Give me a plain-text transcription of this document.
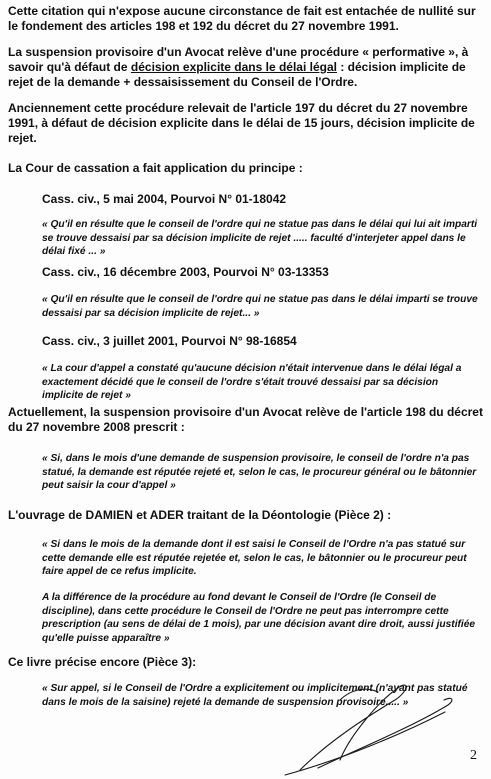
Cette citation qui n'expose aucune circonstance de fait est entachée de nullité sur le fondement des articles 198 et 192 du décret du 27 novembre 1991.

La suspension provisoire d'un Avocat relève d'une procédure « performative », à savoir qu'à défaut de décision explicite dans le délai légal : décision implicite de rejet de la demande + dessaisissement du Conseil de l'Ordre.

Anciennement cette procédure relevait de l'article 197 du décret du 27 novembre 1991, à défaut de décision explicite dans le délai de 15 jours, décision implicite de rejet.

La Cour de cassation a fait application du principe :

Cass. civ., 5 mai 2004, Pourvoi N° 01-18042

« Qu'il en résulte que le conseil de l'ordre qui ne statue pas dans le délai qui lui ait imparti se trouve dessaisi par sa décision implicite de rejet ..... faculté d'interjeter appel dans le délai fixé ... »

Cass. civ., 16 décembre 2003, Pourvoi N° 03-13353

« Qu'il en résulte que le conseil de l'ordre qui ne statue pas dans le délai imparti se trouve dessaisi par sa décision implicite de rejet... »

Cass. civ., 3 juillet 2001, Pourvoi N° 98-16854

« La cour d'appel a constaté qu'aucune décision n'était intervenue dans le délai légal a exactement décidé que le conseil de l'ordre s'était trouvé dessaisi par sa décision implicite de rejet »

Actuellement, la suspension provisoire d'un Avocat relève de l'article 198 du décret du 27 novembre 2008 prescrit :

« Si, dans le mois d'une demande de suspension provisoire, le conseil de l'ordre n'a pas statué, la demande est réputée rejeté et, selon le cas, le procureur général ou le bâtonnier peut saisir la cour d'appel »

L'ouvrage de DAMIEN et ADER traitant de la Déontologie (Pièce 2) :

« Si dans le mois de la demande dont il est saisi le Conseil de l'Ordre n'a pas statué sur cette demande elle est réputée rejetée et, selon le cas, le bâtonnier ou le procureur peut faire appel de ce refus implicite.

A la différence de la procédure au fond devant le Conseil de l'Ordre (le Conseil de discipline), dans cette procédure le Conseil de l'Ordre ne peut pas interrompre cette prescription (au sens de délai de 1 mois), par une décision avant dire droit, aussi justifiée qu'elle puisse apparaître »

Ce livre précise encore (Pièce 3):

« Sur appel, si le Conseil de l'Ordre a explicitement ou implicitement (n'ayant pas statué dans le mois de la saisine) rejeté la demande de suspension provisoire..... »

2
